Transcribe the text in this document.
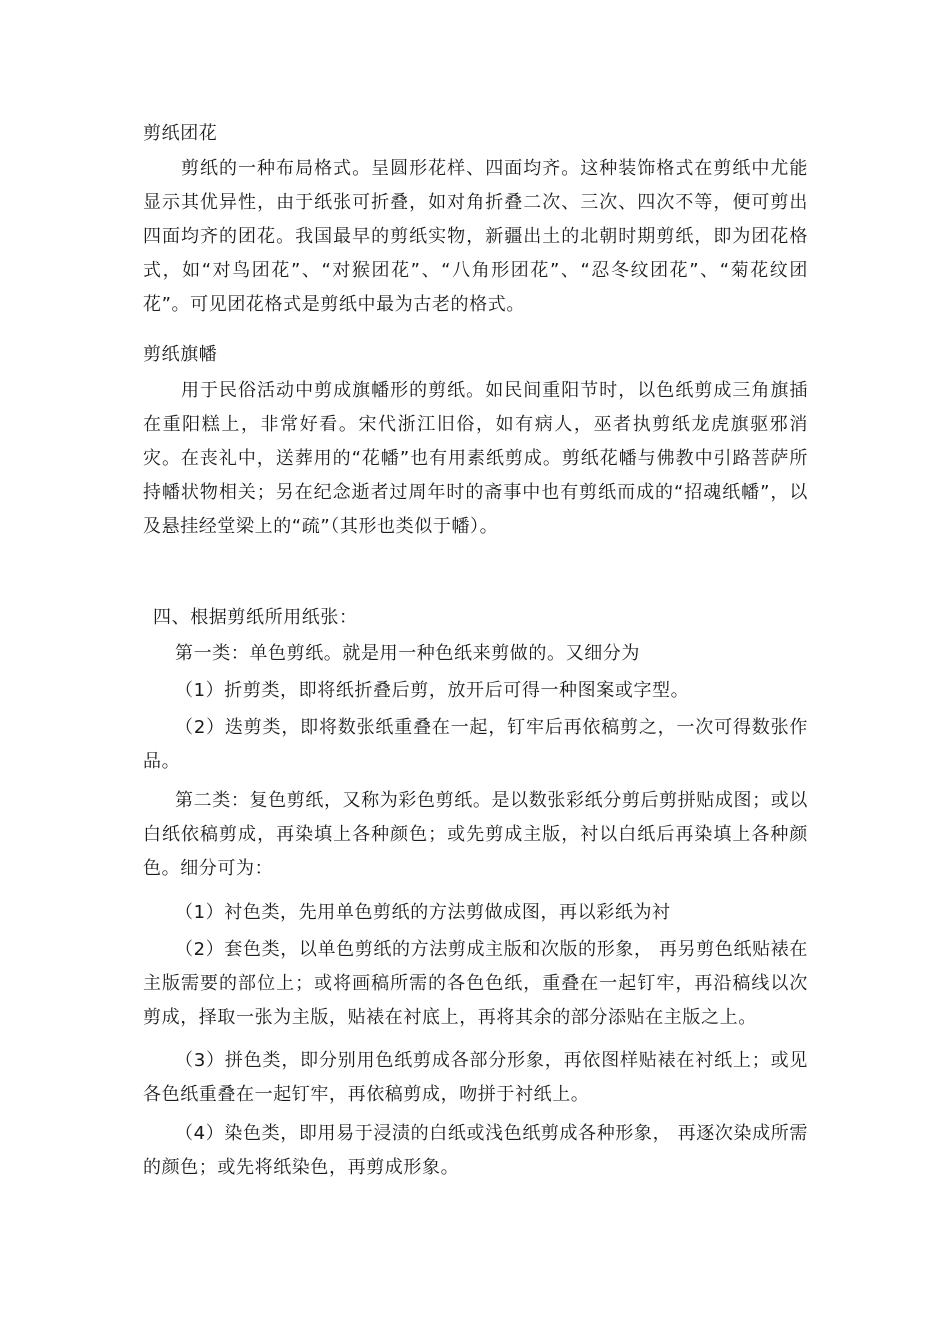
剪纸团花

剪纸的一种布局格式。呈圆形花样、四面均齐。这种装饰格式在剪纸中尤能显示其优异性，由于纸张可折叠，如对角折叠二次、三次、四次不等，便可剪出四面均齐的团花。我国最早的剪纸实物，新疆出土的北朝时期剪纸，即为团花格式，如“对鸟团花”、“对猴团花”、“八角形团花”、“忍冬纹团花”、“菊花纹团花”。可见团花格式是剪纸中最为古老的格式。

剪纸旗幡

用于民俗活动中剪成旗幡形的剪纸。如民间重阳节时，以色纸剪成三角旗插在重阳糕上，非常好看。宋代浙江旧俗，如有病人，巫者执剪纸龙虎旗驱邪消灾。在丧礼中，送葬用的“花幡”也有用素纸剪成。剪纸花幡与佛教中引路菩萨所持幡状物相关；另在纪念逝者过周年时的斋事中也有剪纸而成的“招魂纸幡”，以及悬挂经堂梁上的“疏”（其形也类似于幡）。

四、根据剪纸所用纸张：

第一类：单色剪纸。就是用一种色纸来剪做的。又细分为

（1）折剪类，即将纸折叠后剪，放开后可得一种图案或字型。

（2）迭剪类，即将数张纸重叠在一起，钉牢后再依稿剪之，一次可得数张作品。

第二类：复色剪纸，又称为彩色剪纸。是以数张彩纸分剪后剪拼贴成图；或以白纸依稿剪成，再染填上各种颜色；或先剪成主版，衬以白纸后再染填上各种颜色。细分可为：

（1）衬色类，先用单色剪纸的方法剪做成图，再以彩纸为衬

（2）套色类，以单色剪纸的方法剪成主版和次版的形象， 再另剪色纸贴裱在主版需要的部位上；或将画稿所需的各色色纸，重叠在一起钉牢，再沿稿线以次剪成，择取一张为主版，贴裱在衬底上，再将其余的部分添贴在主版之上。

（3）拼色类，即分别用色纸剪成各部分形象，再依图样贴裱在衬纸上；或见各色纸重叠在一起钉牢，再依稿剪成，吻拼于衬纸上。

（4）染色类，即用易于浸渍的白纸或浅色纸剪成各种形象， 再逐次染成所需的颜色；或先将纸染色，再剪成形象。
